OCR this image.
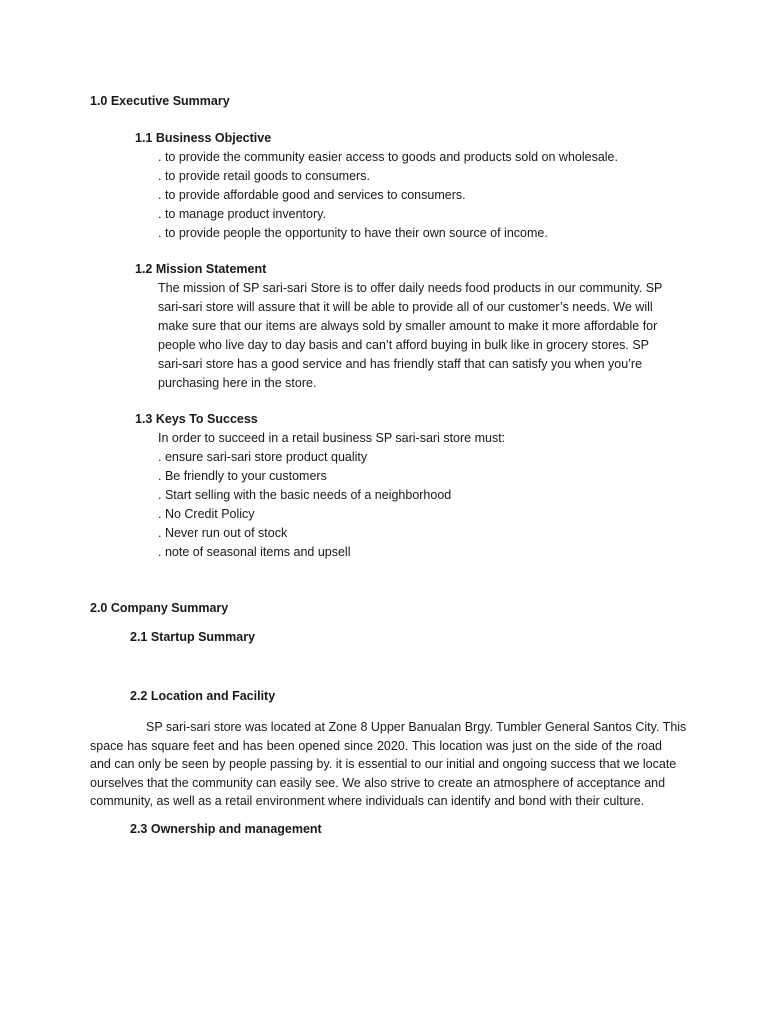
1.0 Executive Summary
1.1 Business Objective
. to provide the community easier access to goods and products sold on wholesale.
. to provide retail goods to consumers.
. to provide affordable good and services to consumers.
. to manage product inventory.
. to provide people the opportunity to have their own source of income.
1.2 Mission Statement

The mission of SP sari-sari Store is to offer daily needs food products in our community. SP
sari-sari store will assure that it will be able to provide all of our customer’s needs. We will
make sure that our items are always sold by smaller amount to make it more affordable for
people who live day to day basis and can’t afford buying in bulk like in grocery stores. SP
sari-sari store has a good service and has friendly staff that can satisfy you when you’re
purchasing here in the store.

1.3 Keys To Success
In order to succeed in a retail business SP sari-sari store must:
. ensure sari-sari store product quality
. Be friendly to your customers
. Start selling with the basic needs of a neighborhood
. No Credit Policy
. Never run out of stock
. note of seasonal items and upsell
2.0 Company Summary
2.1 Startup Summary
2.2 Location and Facility

SP sari-sari store was located at Zone 8 Upper Banualan Brgy. Tumbler General Santos City. This
space has square feet and has been opened since 2020. This location was just on the side of the road
and can only be seen by people passing by. it is essential to our initial and ongoing success that we locate
ourselves that the community can easily see. We also strive to create an atmosphere of acceptance and
community, as well as a retail environment where individuals can identify and bond with their culture.

2.3 Ownership and management
